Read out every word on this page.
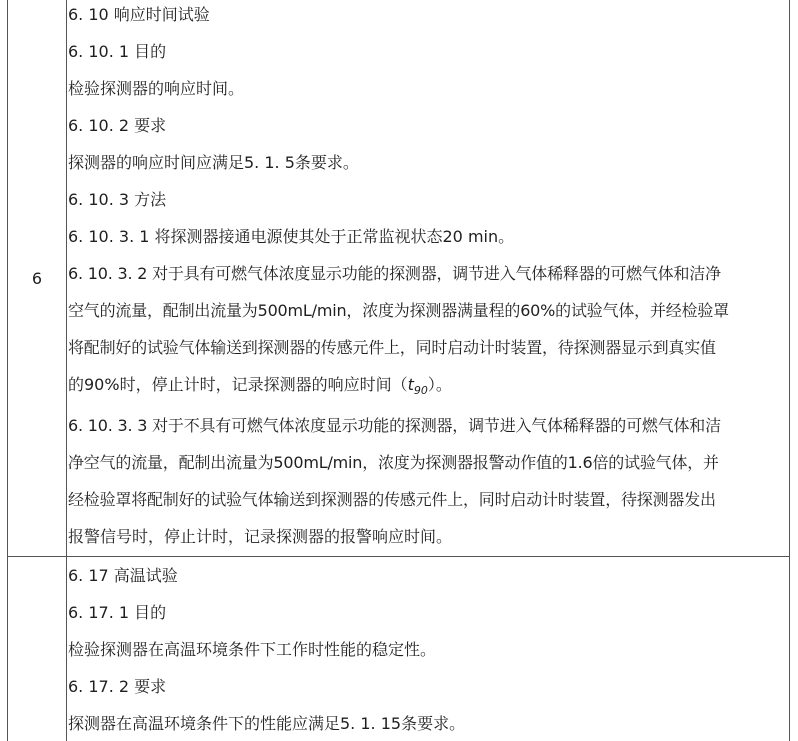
6
6. 10 响应时间试验
6. 10. 1 目的
检验探测器的响应时间。
6. 10. 2 要求
探测器的响应时间应满足5. 1. 5条要求。
6. 10. 3 方法
6. 10. 3. 1 将探测器接通电源使其处于正常监视状态20 min。
6. 10. 3. 2 对于具有可燃气体浓度显示功能的探测器，调节进入气体稀释器的可燃气体和洁净
空气的流量，配制出流量为500mL/min，浓度为探测器满量程的60%的试验气体，并经检验罩
将配制好的试验气体输送到探测器的传感元件上，同时启动计时装置，待探测器显示到真实值
的90%时，停止计时，记录探测器的响应时间$(t_{90})$。
6. 10. 3. 3 对于不具有可燃气体浓度显示功能的探测器，调节进入气体稀释器的可燃气体和洁
净空气的流量，配制出流量为500mL/min，浓度为探测器报警动作值的1.6倍的试验气体，并
经检验罩将配制好的试验气体输送到探测器的传感元件上，同时启动计时装置，待探测器发出
报警信号时，停止计时，记录探测器的报警响应时间。
6. 17 高温试验
6. 17. 1 目的
检验探测器在高温环境条件下工作时性能的稳定性。
6. 17. 2 要求
探测器在高温环境条件下的性能应满足5. 1. 15条要求。
